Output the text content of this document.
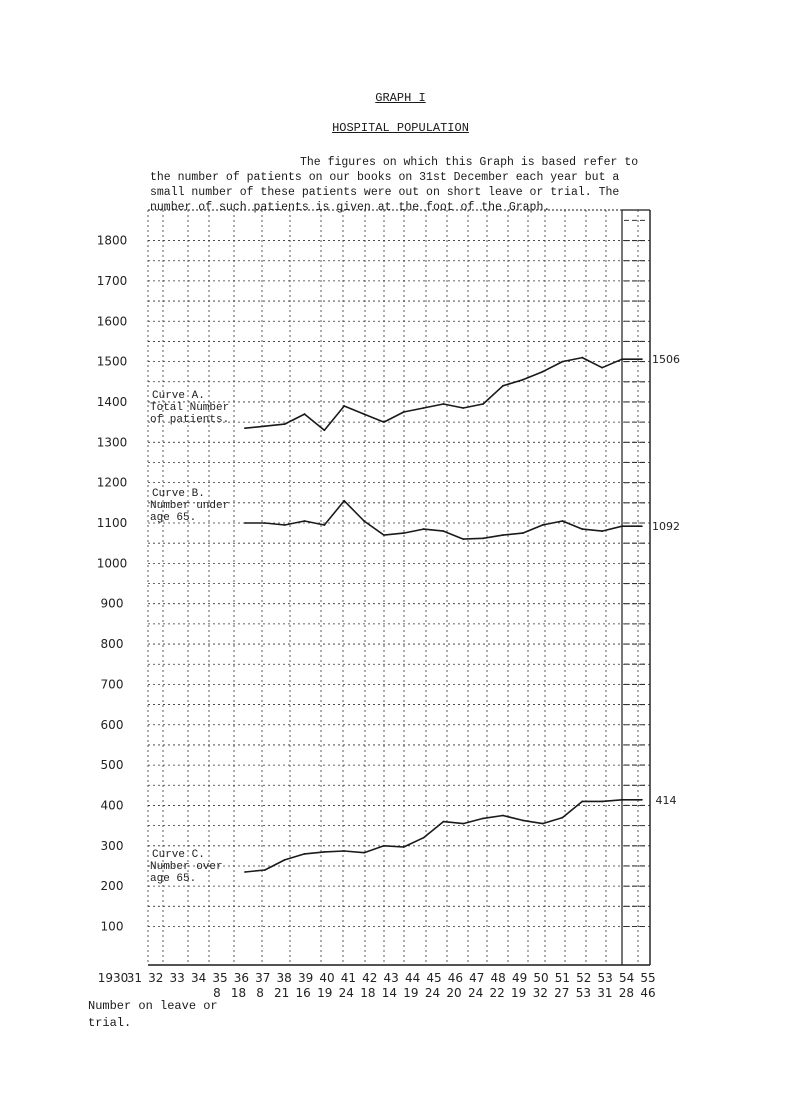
GRAPH I
HOSPITAL POPULATION
The figures on which this Graph is based refer to the number of patients on our books on 31st December each year but a small number of these patients were out on short leave or trial. The number of such patients is given at the foot of the Graph.
100
200
300
400
500
600
700
800
900
1000
1100
1200
1300
1400
1500
1600
1700
1800
Curve A.
Total Number
of patients.
Curve B.
Number under
age 65.
Curve C.
Number over
age 65.
1506
1092
414
1930
31 32 33 34 35 36 37 38 39 40 41 42 43 44 45 46 47 48 49 50 51 52 53 54 55
8 18 8 21 16 19 24 18 14 19 24 20 24 22 19 32 27 53 31 28 46
Number on leave or trial.
